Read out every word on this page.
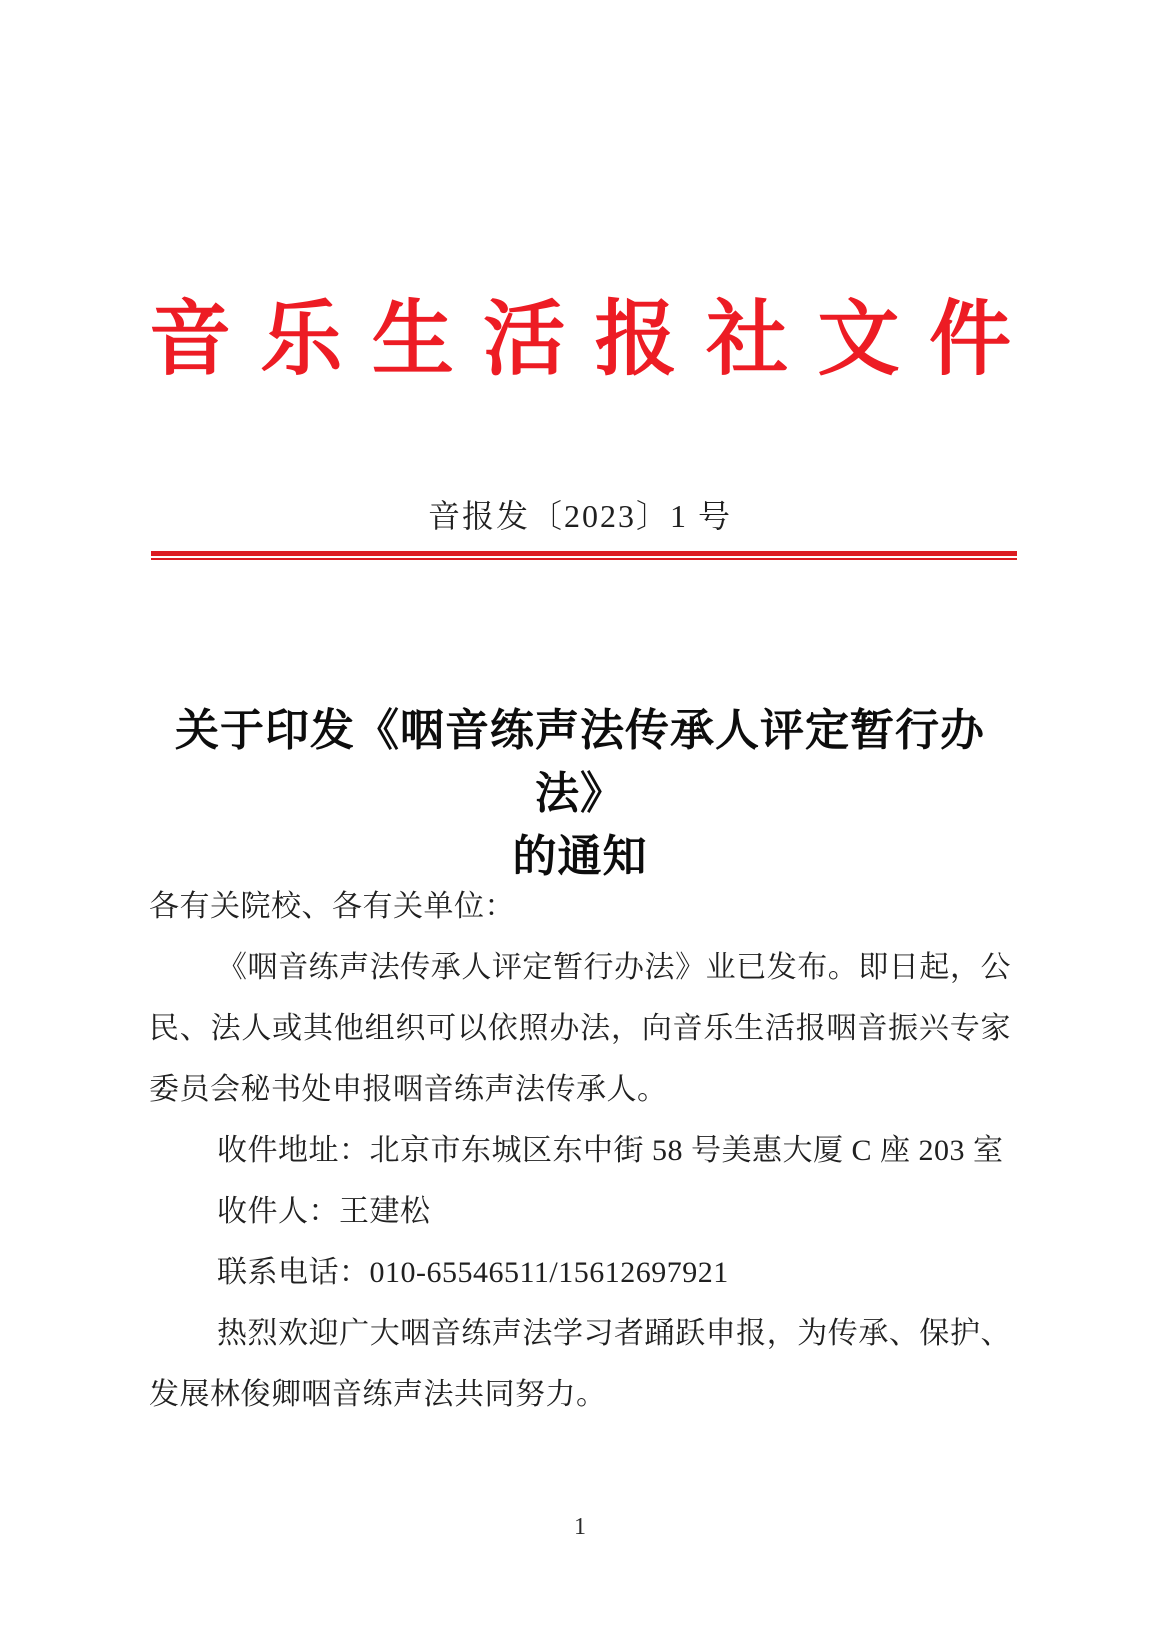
音乐生活报社文件
音报发〔2023〕1 号
关于印发《咽音练声法传承人评定暂行办法》
的通知

各有关院校、各有关单位：

《咽音练声法传承人评定暂行办法》业已发布。即日起，公民、法人或其他组织可以依照办法，向音乐生活报咽音振兴专家委员会秘书处申报咽音练声法传承人。

收件地址：北京市东城区东中街 58 号美惠大厦 C 座 203 室

收件人：王建松

联系电话：010-65546511/15612697921

热烈欢迎广大咽音练声法学习者踊跃申报，为传承、保护、发展林俊卿咽音练声法共同努力。

1
